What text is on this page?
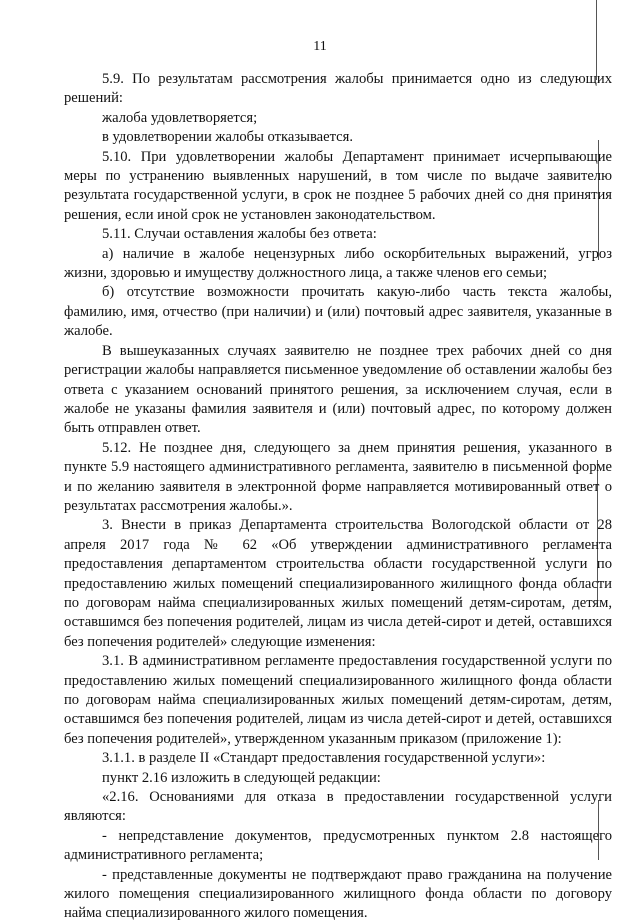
11

5.9. По результатам рассмотрения жалобы принимается одно из следующих решений:

жалоба удовлетворяется;

в удовлетворении жалобы отказывается.

5.10. При удовлетворении жалобы Департамент принимает исчерпывающие меры по устранению выявленных нарушений, в том числе по выдаче заявителю результата государственной услуги, в срок не позднее 5 рабочих дней со дня принятия решения, если иной срок не установлен законодательством.

5.11. Случаи оставления жалобы без ответа:

а) наличие в жалобе нецензурных либо оскорбительных выражений, угроз жизни, здоровью и имуществу должностного лица, а также членов его семьи;

б) отсутствие возможности прочитать какую-либо часть текста жалобы, фамилию, имя, отчество (при наличии) и (или) почтовый адрес заявителя, указанные в жалобе.

В вышеуказанных случаях заявителю не позднее трех рабочих дней со дня регистрации жалобы направляется письменное уведомление об оставлении жалобы без ответа с указанием оснований принятого решения, за исключением случая, если в жалобе не указаны фамилия заявителя и (или) почтовый адрес, по которому должен быть отправлен ответ.

5.12. Не позднее дня, следующего за днем принятия решения, указанного в пункте 5.9 настоящего административного регламента, заявителю в письменной форме и по желанию заявителя в электронной форме направляется мотивированный ответ о результатах рассмотрения жалобы.».

3. Внести в приказ Департамента строительства Вологодской области от 28 апреля 2017 года № 62 «Об утверждении административного регламента предоставления департаментом строительства области государственной услуги по предоставлению жилых помещений специализированного жилищного фонда области по договорам найма специализированных жилых помещений детям-сиротам, детям, оставшимся без попечения родителей, лицам из числа детей-сирот и детей, оставшихся без попечения родителей» следующие изменения:

3.1. В административном регламенте предоставления государственной услуги по предоставлению жилых помещений специализированного жилищного фонда области по договорам найма специализированных жилых помещений детям-сиротам, детям, оставшимся без попечения родителей, лицам из числа детей-сирот и детей, оставшихся без попечения родителей», утвержденном указанным приказом (приложение 1):

3.1.1. в разделе II «Стандарт предоставления государственной услуги»:

пункт 2.16 изложить в следующей редакции:

«2.16. Основаниями для отказа в предоставлении государственной услуги являются:

- непредставление документов, предусмотренных пунктом 2.8 настоящего административного регламента;

- представленные документы не подтверждают право гражданина на получение жилого помещения специализированного жилищного фонда области по договору найма специализированного жилого помещения.
